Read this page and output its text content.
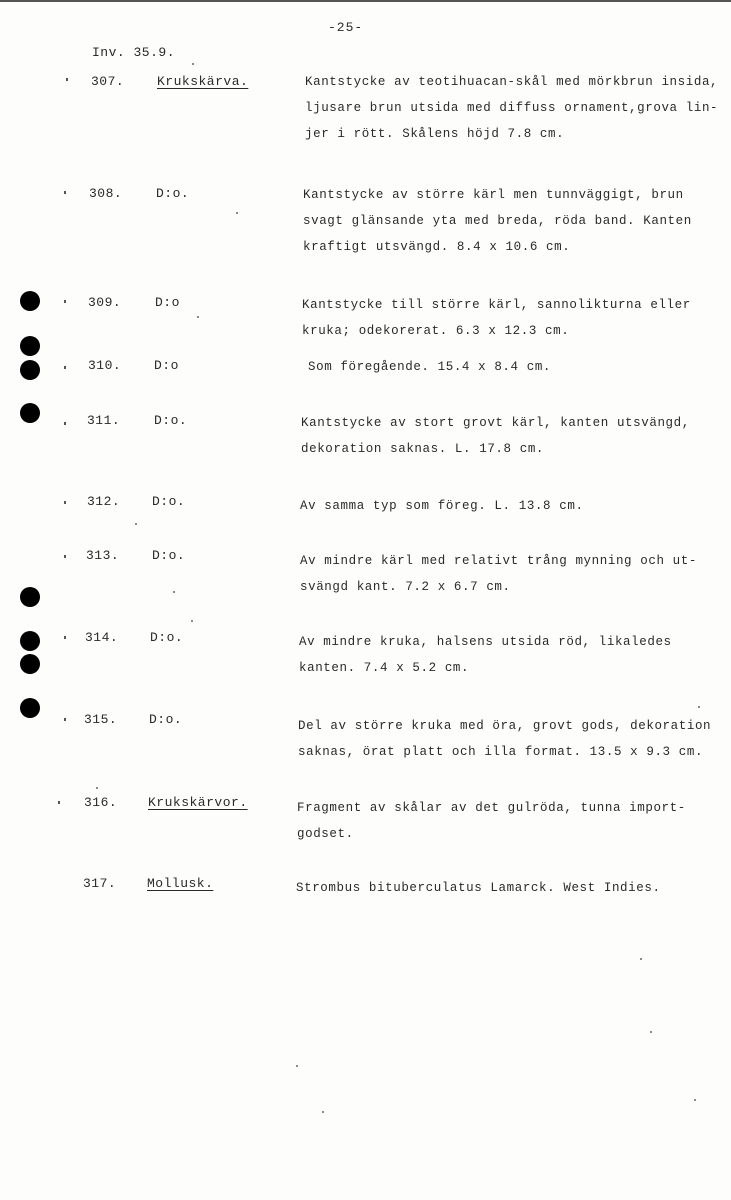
-25-
Inv. 35.9.
307.	Krukskärva.	Kantstycke av teotihuacan-skål med mörkbrun insida,
ljusare brun utsida med diffuss ornament,grova lin-
jer i rött. Skålens höjd 7.8 cm.
308.	D:o.	Kantstycke av större kärl men tunnväggigt, brun
svagt glänsande yta med breda, röda band. Kanten
kraftigt utsvängd. 8.4 x 10.6 cm.
309.	D:o	Kantstycke till större kärl, sannolikturna eller
kruka; odekorerat. 6.3 x 12.3 cm.
310.	D:o	Som föregående. 15.4 x 8.4 cm.
311.	D:o.	Kantstycke av stort grovt kärl, kanten utsvängd,
dekoration saknas. L. 17.8 cm.
312. D:o.	Av samma typ som föreg. L. 13.8 cm.
313.	D:o.	Av mindre kärl med relativt trång mynning och ut-
svängd kant. 7.2 x 6.7 cm.
314. D:o.	Av mindre kruka, halsens utsida röd, likaledes
kanten. 7.4 x 5.2 cm.
315. D:o.	Del av större kruka med öra, grovt gods, dekoration
saknas, örat platt och illa format. 13.5 x 9.3 cm.
316. Krukskärvor.	Fragment av skålar av det gulröda, tunna import-
godset.
317. Mollusk.	Strombus bituberculatus Lamarck. West Indies.
